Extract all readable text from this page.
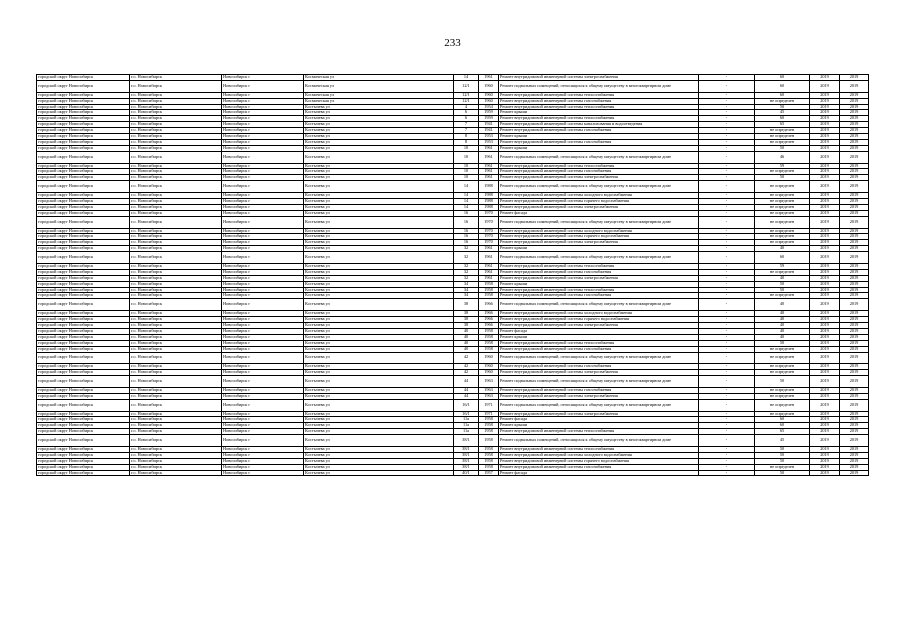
233
городской округ Новосибирск	г.о. Новосибирск	Новосибирск г	Космическая ул	14	1961	Ремонт внутридомовой инженерной системы электроснабжения	-	60	2019	2019
городской округ Новосибирск	г.о. Новосибирск	Новосибирск г	Космическая ул	12/1	1960	Ремонт подвальных помещений, относящихся к общему имуществу в многоквартирном доме	-	60	2019	2019
городской округ Новосибирск	г.о. Новосибирск	Новосибирск г	Космическая ул	12/1	1960	Ремонт внутридомовой инженерной системы теплоснабжения	-	60	2019	2019
городской округ Новосибирск	г.о. Новосибирск	Новосибирск г	Космическая ул	12/1	1960	Ремонт внутридомовой инженерной системы газоснабжения	-	не определен	2019	2019
городской округ Новосибирск	г.о. Новосибирск	Новосибирск г	Костычева ул	4	1954	Ремонт внутридомовой инженерной системы теплоснабжения	-	50	2019	2019
городской округ Новосибирск	г.о. Новосибирск	Новосибирск г	Костычева ул	6	1959	Ремонт крыши	-	45	2019	2019
городской округ Новосибирск	г.о. Новосибирск	Новосибирск г	Костычева ул	6	1959	Ремонт внутридомовой инженерной системы теплоснабжения	-	60	2019	2019
городской округ Новосибирск	г.о. Новосибирск	Новосибирск г	Костычева ул	7	1941	Ремонт внутридомовой инженерной системы канализования и водоотведения	-	65	2019	2019
городской округ Новосибирск	г.о. Новосибирск	Новосибирск г	Костычева ул	7	1941	Ремонт внутридомовой инженерной системы газоснабжения	-	не определен	2019	2019
городской округ Новосибирск	г.о. Новосибирск	Новосибирск г	Костычева ул	8	1953	Ремонт крыши	-	не определен	2019	2019
городской округ Новосибирск	г.о. Новосибирск	Новосибирск г	Костычева ул	8	1953	Ремонт внутридомовой инженерной системы газоснабжения	-	не определен	2019	2019
городской округ Новосибирск	г.о. Новосибирск	Новосибирск г	Костычева ул	10	1961	Ремонт крыши	-	50	2019	2019
городской округ Новосибирск	г.о. Новосибирск	Новосибирск г	Костычева ул	10	1961	Ремонт подвальных помещений, относящихся к общему имуществу в многоквартирном доме	-	46	2019	2019
городской округ Новосибирск	г.о. Новосибирск	Новосибирск г	Костычева ул	10	1961	Ремонт внутридомовой инженерной системы теплоснабжения	-	59	2019	2019
городской округ Новосибирск	г.о. Новосибирск	Новосибирск г	Костычева ул	10	1961	Ремонт внутридомовой инженерной системы газоснабжения	-	не определен	2019	2019
городской округ Новосибирск	г.о. Новосибирск	Новосибирск г	Костычева ул	10	1961	Ремонт внутридомовой инженерной системы электроснабжения	-	50	2019	2019
городской округ Новосибирск	г.о. Новосибирск	Новосибирск г	Костычева ул	14	1988	Ремонт подвальных помещений, относящихся к общему имуществу в многоквартирном доме	-	не определен	2019	2019
городской округ Новосибирск	г.о. Новосибирск	Новосибирск г	Костычева ул	14	1988	Ремонт внутридомовой инженерной системы холодного водоснабжения	-	не определен	2019	2019
городской округ Новосибирск	г.о. Новосибирск	Новосибирск г	Костычева ул	14	1988	Ремонт внутридомовой инженерной системы горячего водоснабжения	-	не определен	2019	2019
городской округ Новосибирск	г.о. Новосибирск	Новосибирск г	Костычева ул	14	1988	Ремонт внутридомовой инженерной системы электроснабжения	-	не определен	2019	2019
городской округ Новосибирск	г.о. Новосибирск	Новосибирск г	Костычева ул	16	1970	Ремонт фасада	-	не определен	2019	2019
городской округ Новосибирск	г.о. Новосибирск	Новосибирск г	Костычева ул	16	1970	Ремонт подвальных помещений, относящихся к общему имуществу в многоквартирном доме	-	не определен	2019	2019
городской округ Новосибирск	г.о. Новосибирск	Новосибирск г	Костычева ул	16	1970	Ремонт внутридомовой инженерной системы холодного водоснабжения	-	не определен	2019	2019
городской округ Новосибирск	г.о. Новосибирск	Новосибирск г	Костычева ул	16	1970	Ремонт внутридомовой инженерной системы горячего водоснабжения	-	не определен	2019	2019
городской округ Новосибирск	г.о. Новосибирск	Новосибирск г	Костычева ул	16	1970	Ремонт внутридомовой инженерной системы электроснабжения	-	не определен	2019	2019
городской округ Новосибирск	г.о. Новосибирск	Новосибирск г	Костычева ул	32	1961	Ремонт крыши	-	40	2019	2019
городской округ Новосибирск	г.о. Новосибирск	Новосибирск г	Костычева ул	32	1961	Ремонт подвальных помещений, относящихся к общему имуществу в многоквартирном доме	-	60	2019	2019
городской округ Новосибирск	г.о. Новосибирск	Новосибирск г	Костычева ул	32	1961	Ремонт внутридомовой инженерной системы теплоснабжения	-	59	2019	2019
городской округ Новосибирск	г.о. Новосибирск	Новосибирск г	Костычева ул	32	1961	Ремонт внутридомовой инженерной системы газоснабжения	-	не определен	2019	2019
городской округ Новосибирск	г.о. Новосибирск	Новосибирск г	Костычева ул	32	1961	Ремонт внутридомовой инженерной системы электроснабжения	-	40	2019	2019
городской округ Новосибирск	г.о. Новосибирск	Новосибирск г	Костычева ул	34	1958	Ремонт крыши	-	50	2019	2019
городской округ Новосибирск	г.о. Новосибирск	Новосибирск г	Костычева ул	34	1958	Ремонт внутридомовой инженерной системы теплоснабжения	-	50	2019	2019
городской округ Новосибирск	г.о. Новосибирск	Новосибирск г	Костычева ул	34	1958	Ремонт внутридомовой инженерной системы газоснабжения	-	не определен	2019	2019
городской округ Новосибирск	г.о. Новосибирск	Новосибирск г	Костычева ул	38	1966	Ремонт подвальных помещений, относящихся к общему имуществу в многоквартирном доме	-	40	2019	2019
городской округ Новосибирск	г.о. Новосибирск	Новосибирск г	Костычева ул	38	1966	Ремонт внутридомовой инженерной системы холодного водоснабжения	-	40	2019	2019
городской округ Новосибирск	г.о. Новосибирск	Новосибирск г	Костычева ул	38	1966	Ремонт внутридомовой инженерной системы горячего водоснабжения	-	40	2019	2019
городской округ Новосибирск	г.о. Новосибирск	Новосибирск г	Костычева ул	38	1966	Ремонт внутридомовой инженерной системы электроснабжения	-	40	2019	2019
городской округ Новосибирск	г.о. Новосибирск	Новосибирск г	Костычева ул	40	1958	Ремонт фасада	-	40	2019	2019
городской округ Новосибирск	г.о. Новосибирск	Новосибирск г	Костычева ул	40	1958	Ремонт крыши	-	40	2019	2019
городской округ Новосибирск	г.о. Новосибирск	Новосибирск г	Костычева ул	40	1958	Ремонт внутридомовой инженерной системы теплоснабжения	-	50	2019	2019
городской округ Новосибирск	г.о. Новосибирск	Новосибирск г	Костычева ул	40	1958	Ремонт внутридомовой инженерной системы газоснабжения	-	не определен	2019	2019
городской округ Новосибирск	г.о. Новосибирск	Новосибирск г	Костычева ул	42	1960	Ремонт подвальных помещений, относящихся к общему имуществу в многоквартирном доме	-	не определен	2019	2019
городской округ Новосибирск	г.о. Новосибирск	Новосибирск г	Костычева ул	42	1960	Ремонт внутридомовой инженерной системы газоснабжения	-	не определен	2019	2019
городской округ Новосибирск	г.о. Новосибирск	Новосибирск г	Костычева ул	42	1960	Ремонт внутридомовой инженерной системы электроснабжения	-	не определен	2019	2019
городской округ Новосибирск	г.о. Новосибирск	Новосибирск г	Костычева ул	44	1963	Ремонт подвальных помещений, относящихся к общему имуществу в многоквартирном доме	-	50	2019	2019
городской округ Новосибирск	г.о. Новосибирск	Новосибирск г	Костычева ул	44	1963	Ремонт внутридомовой инженерной системы газоснабжения	-	не определен	2019	2019
городской округ Новосибирск	г.о. Новосибирск	Новосибирск г	Костычева ул	44	1963	Ремонт внутридомовой инженерной системы электроснабжения	-	не определен	2019	2019
городской округ Новосибирск	г.о. Новосибирск	Новосибирск г	Костычева ул	16/1	1971	Ремонт подвальных помещений, относящихся к общему имуществу в многоквартирном доме	-	не определен	2019	2019
городской округ Новосибирск	г.о. Новосибирск	Новосибирск г	Костычева ул	16/1	1971	Ремонт внутридомовой инженерной системы электроснабжения	-	не определен	2019	2019
городской округ Новосибирск	г.о. Новосибирск	Новосибирск г	Костычева ул	11а	1958	Ремонт фасада	-	60	2019	2019
городской округ Новосибирск	г.о. Новосибирск	Новосибирск г	Костычева ул	11а	1958	Ремонт крыши	-	60	2019	2019
городской округ Новосибирск	г.о. Новосибирск	Новосибирск г	Костычева ул	11а	1958	Ремонт внутридомовой инженерной системы теплоснабжения	-	65	2019	2019
городской округ Новосибирск	г.о. Новосибирск	Новосибирск г	Костычева ул	38/1	1958	Ремонт подвальных помещений, относящихся к общему имуществу в многоквартирном доме	-	45	2019	2019
городской округ Новосибирск	г.о. Новосибирск	Новосибирск г	Костычева ул	38/1	1958	Ремонт внутридомовой инженерной системы теплоснабжения	-	50	2019	2019
городской округ Новосибирск	г.о. Новосибирск	Новосибирск г	Костычева ул	38/1	1958	Ремонт внутридомовой инженерной системы холодного водоснабжения	-	50	2019	2019
городской округ Новосибирск	г.о. Новосибирск	Новосибирск г	Костычева ул	38/1	1958	Ремонт внутридомовой инженерной системы горячего водоснабжения	-	50	2019	2019
городской округ Новосибирск	г.о. Новосибирск	Новосибирск г	Костычева ул	38/1	1958	Ремонт внутридомовой инженерной системы газоснабжения	-	не определен	2019	2019
городской округ Новосибирск	г.о. Новосибирск	Новосибирск г	Костычева ул	40/1	1957	Ремонт фасада	-	50	2019	2019
